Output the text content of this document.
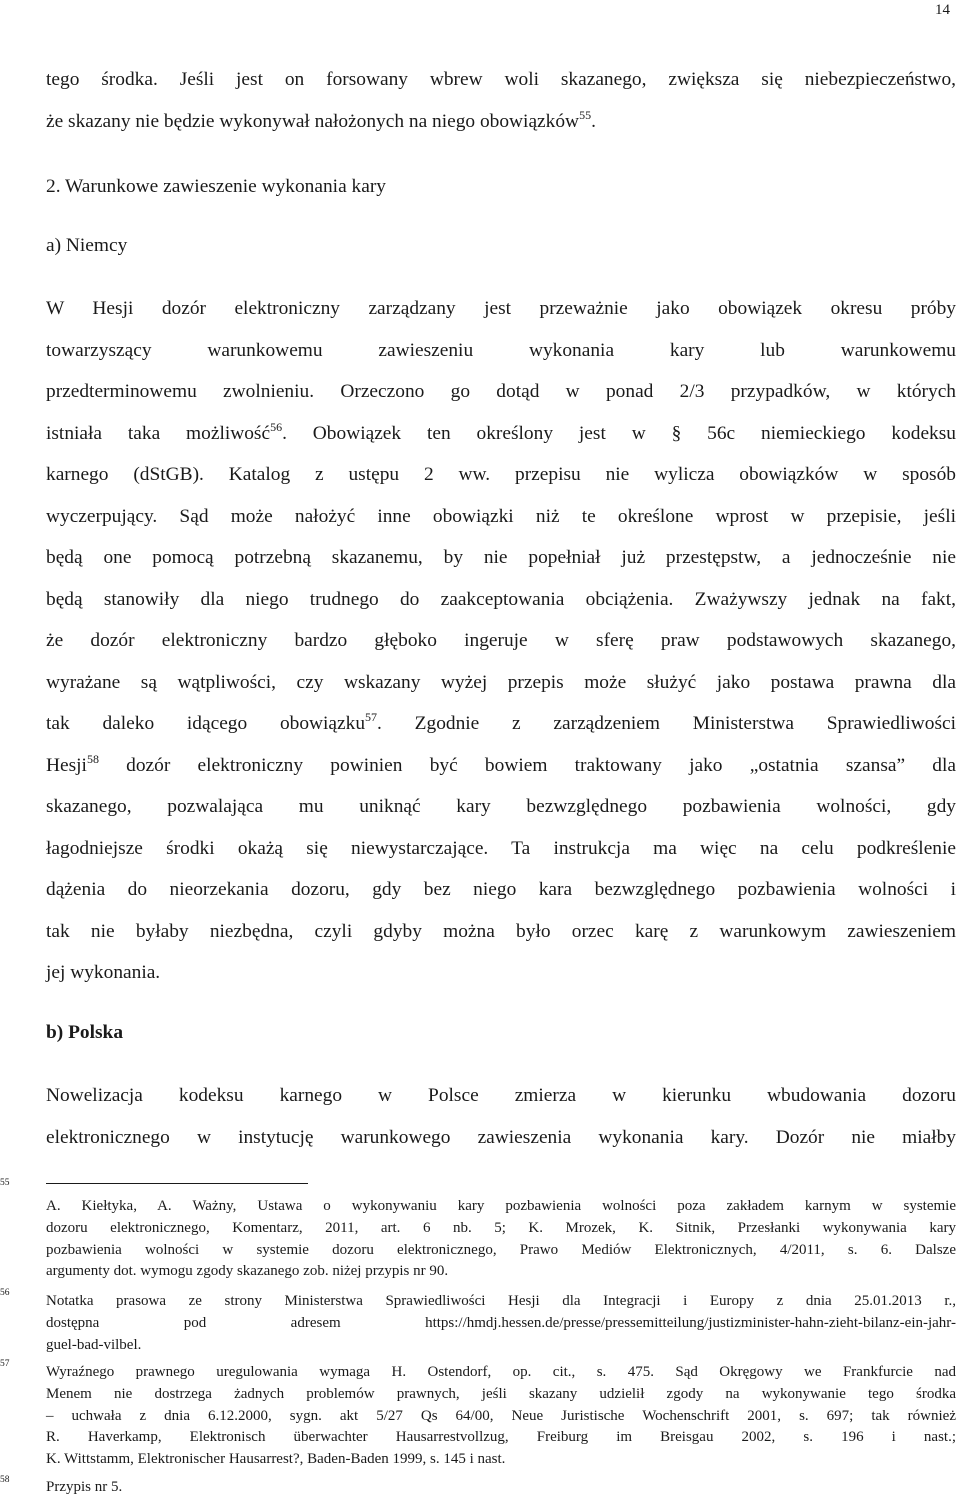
14
tego środka. Jeśli jest on forsowany wbrew woli skazanego, zwiększa się niebezpieczeństwo,
że skazany nie będzie wykonywał nałożonych na niego obowiązków$^{55}$.
2. Warunkowe zawieszenie wykonania kary
a) Niemcy
W Hesji dozór elektroniczny zarządzany jest przeważnie jako obowiązek okresu próby
towarzyszący warunkowemu zawieszeniu wykonania kary lub warunkowemu
przedterminowemu zwolnieniu. Orzeczono go dotąd w ponad 2/3 przypadków, w których
istniała taka możliwość$^{56}$. Obowiązek ten określony jest w § 56c niemieckiego kodeksu
karnego (dStGB). Katalog z ustępu 2 ww. przepisu nie wylicza obowiązków w sposób
wyczerpujący. Sąd może nałożyć inne obowiązki niż te określone wprost w przepisie, jeśli
będą one pomocą potrzebną skazanemu, by nie popełniał już przestępstw, a jednocześnie nie
będą stanowiły dla niego trudnego do zaakceptowania obciążenia. Zważywszy jednak na fakt,
że dozór elektroniczny bardzo głęboko ingeruje w sferę praw podstawowych skazanego,
wyrażane są wątpliwości, czy wskazany wyżej przepis może służyć jako postawa prawna dla
tak daleko idącego obowiązku$^{57}$. Zgodnie z zarządzeniem Ministerstwa Sprawiedliwości
Hesji$^{58}$ dozór elektroniczny powinien być bowiem traktowany jako „ostatnia szansa” dla
skazanego, pozwalająca mu uniknąć kary bezwzględnego pozbawienia wolności, gdy
łagodniejsze środki okażą się niewystarczające. Ta instrukcja ma więc na celu podkreślenie
dążenia do nieorzekania dozoru, gdy bez niego kara bezwzględnego pozbawienia wolności i
tak nie byłaby niezbędna, czyli gdyby można było orzec karę z warunkowym zawieszeniem
jej wykonania.
b) Polska
Nowelizacja kodeksu karnego w Polsce zmierza w kierunku wbudowania dozoru
elektronicznego w instytucję warunkowego zawieszenia wykonania kary. Dozór nie miałby
55
56
57
58
A. Kiełtyka, A. Ważny, Ustawa o wykonywaniu kary pozbawienia wolności poza zakładem karnym w systemie
dozoru elektronicznego, Komentarz, 2011, art. 6 nb. 5; K. Mrozek, K. Sitnik, Przesłanki wykonywania kary
pozbawienia wolności w systemie dozoru elektronicznego, Prawo Mediów Elektronicznych, 4/2011, s. 6. Dalsze
argumenty dot. wymogu zgody skazanego zob. niżej przypis nr 90.
Notatka prasowa ze strony Ministerstwa Sprawiedliwości Hesji dla Integracji i Europy z dnia 25.01.2013 r.,
dostępna pod adresem https://hmdj.hessen.de/presse/pressemitteilung/justizminister-hahn-zieht-bilanz-ein-jahr-
guel-bad-vilbel.
Wyraźnego prawnego uregulowania wymaga H. Ostendorf, op. cit., s. 475. Sąd Okręgowy we Frankfurcie nad
Menem nie dostrzega żadnych problemów prawnych, jeśli skazany udzielił zgody na wykonywanie tego środka
– uchwała z dnia 6.12.2000, sygn. akt 5/27 Qs 64/00, Neue Juristische Wochenschrift 2001, s. 697; tak również
R. Haverkamp, Elektronisch überwachter Hausarrestvollzug, Freiburg im Breisgau 2002, s. 196 i nast.;
K. Wittstamm, Elektronischer Hausarrest?, Baden-Baden 1999, s. 145 i nast.
Przypis nr 5.
